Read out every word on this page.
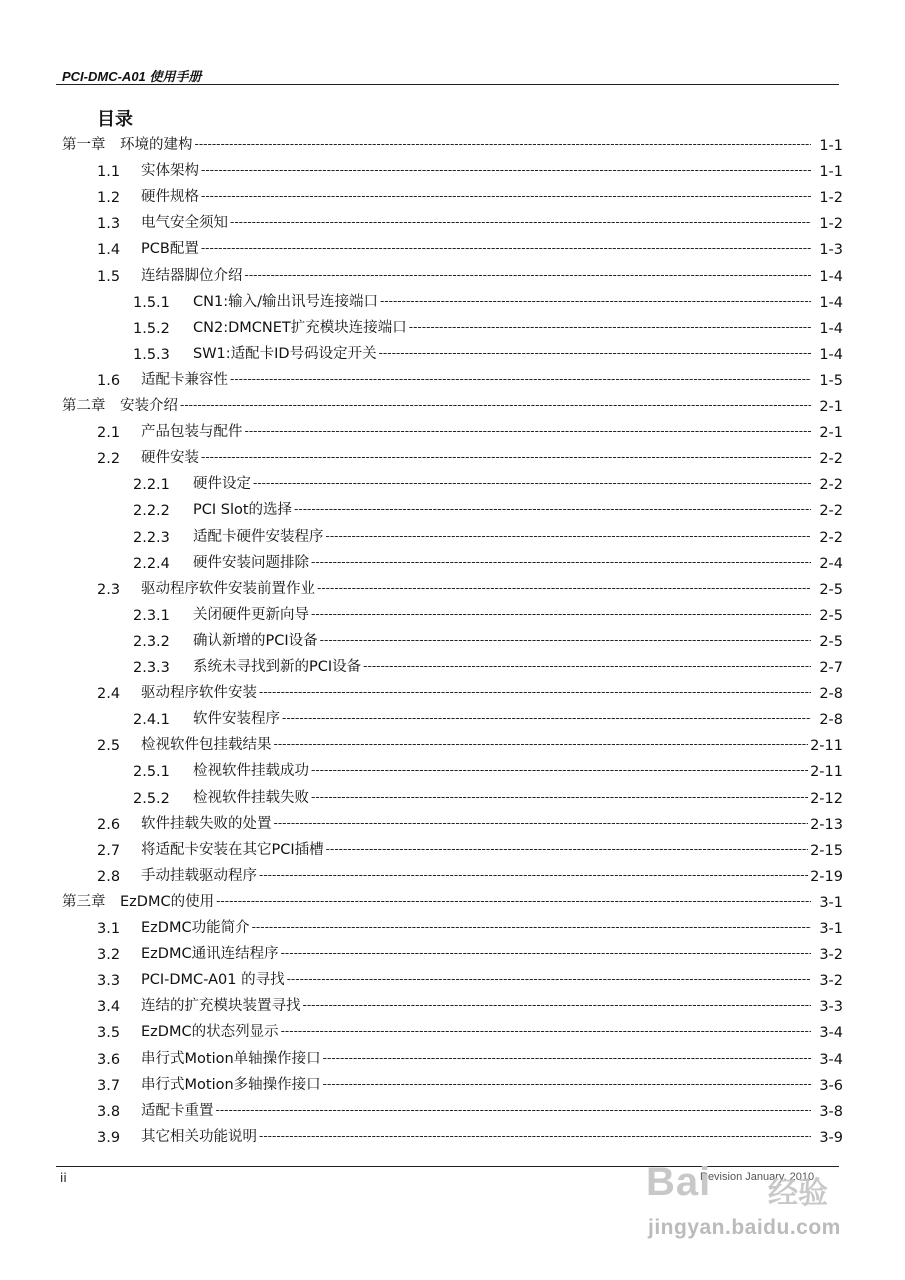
PCI-DMC-A01 使用手册
目录
第一章	环境的建构 -----	1-1
1.1	实体架构 -----	1-1
1.2	硬件规格 -----	1-2
1.3	电气安全须知 -----	1-2
1.4	PCB配置 -----	1-3
1.5	连结器脚位介绍 -----	1-4
1.5.1	CN1:输入/输出讯号连接端口 -----	1-4
1.5.2	CN2:DMCNET扩充模块连接端口 -----	1-4
1.5.3	SW1:适配卡ID号码设定开关 -----	1-4
1.6	适配卡兼容性 -----	1-5
第二章	安装介绍 -----	2-1
2.1	产品包装与配件 -----	2-1
2.2	硬件安装 -----	2-2
2.2.1	硬件设定 -----	2-2
2.2.2	PCI Slot的选择 -----	2-2
2.2.3	适配卡硬件安装程序 -----	2-2
2.2.4	硬件安装问题排除 -----	2-4
2.3	驱动程序软件安装前置作业 -----	2-5
2.3.1	关闭硬件更新向导 -----	2-5
2.3.2	确认新增的PCI设备 -----	2-5
2.3.3	系统未寻找到新的PCI设备 -----	2-7
2.4	驱动程序软件安装 -----	2-8
2.4.1	软件安装程序 -----	2-8
2.5	检视软件包挂载结果 -----	2-11
2.5.1	检视软件挂载成功 -----	2-11
2.5.2	检视软件挂载失败 -----	2-12
2.6	软件挂载失败的处置 -----	2-13
2.7	将适配卡安装在其它PCI插槽 -----	2-15
2.8	手动挂载驱动程序 -----	2-19
第三章	EzDMC的使用 -----	3-1
3.1	EzDMC功能简介 -----	3-1
3.2	EzDMC通讯连结程序 -----	3-2
3.3	PCI-DMC-A01 的寻找 -----	3-2
3.4	连结的扩充模块装置寻找 -----	3-3
3.5	EzDMC的状态列显示 -----	3-4
3.6	串行式Motion单轴操作接口 -----	3-4
3.7	串行式Motion多轴操作接口 -----	3-6
3.8	适配卡重置 -----	3-8
3.9	其它相关功能说明 -----	3-9
ii	Revision January, 2010
Bai 经验
jingyan.baidu.com
